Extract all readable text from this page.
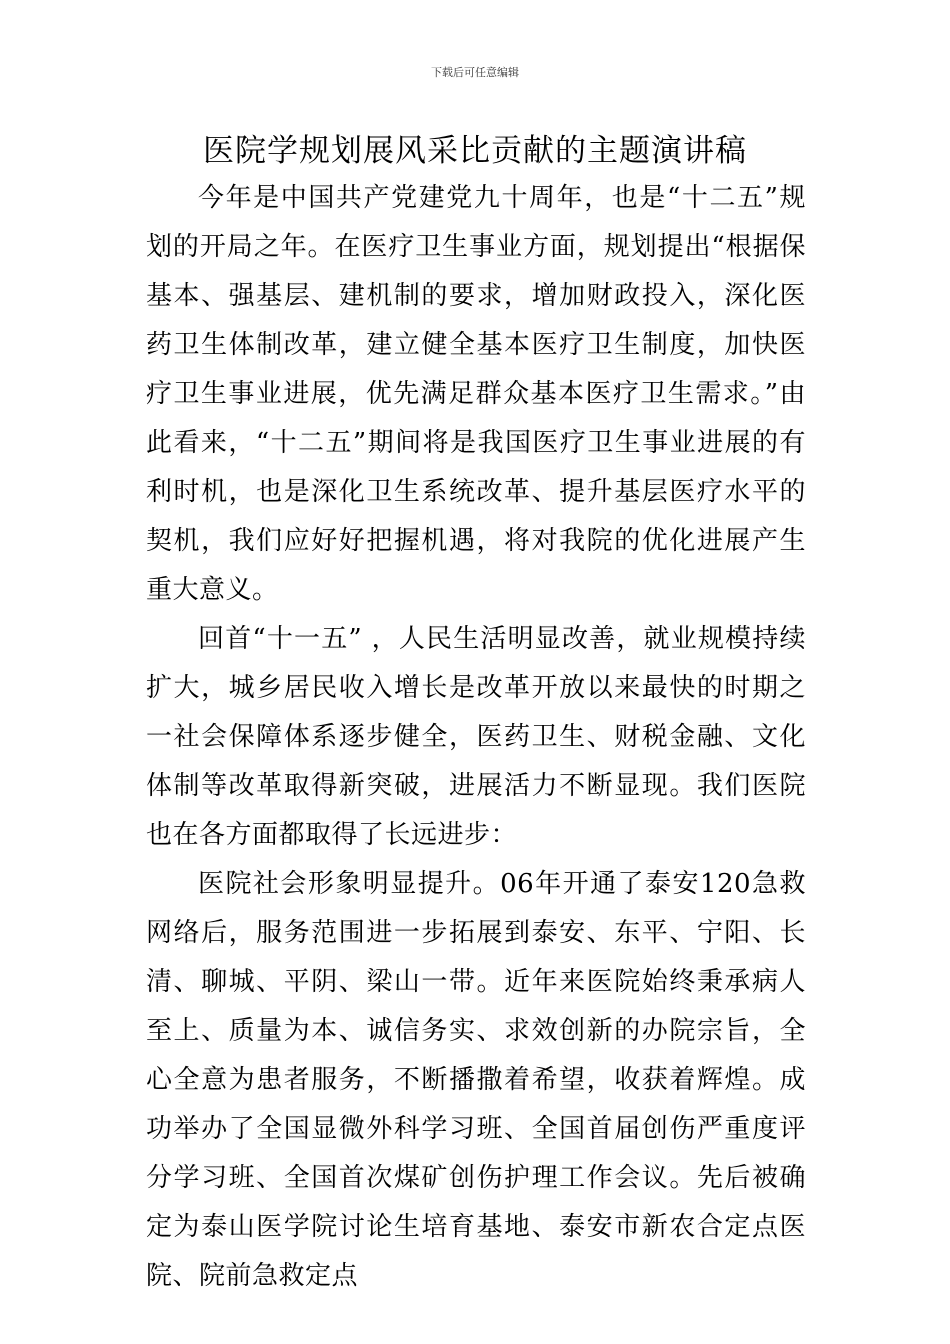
下载后可任意编辑
医院学规划展风采比贡献的主题演讲稿

今年是中国共产党建党九十周年，也是“十二五”规划的开局之年。在医疗卫生事业方面，规划提出“根据保基本、强基层、建机制的要求，增加财政投入，深化医药卫生体制改革，建立健全基本医疗卫生制度，加快医疗卫生事业进展，优先满足群众基本医疗卫生需求。”由此看来，“十二五”期间将是我国医疗卫生事业进展的有利时机，也是深化卫生系统改革、提升基层医疗水平的契机，我们应好好把握机遇，将对我院的优化进展产生重大意义。

回首“十一五” ，人民生活明显改善，就业规模持续扩大，城乡居民收入增长是改革开放以来最快的时期之一社会保障体系逐步健全，医药卫生、财税金融、文化体制等改革取得新突破，进展活力不断显现。我们医院也在各方面都取得了长远进步：

医院社会形象明显提升。06年开通了泰安120急救网络后，服务范围进一步拓展到泰安、东平、宁阳、长清、聊城、平阴、梁山一带。近年来医院始终秉承病人至上、质量为本、诚信务实、求效创新的办院宗旨，全心全意为患者服务，不断播撒着希望，收获着辉煌。成功举办了全国显微外科学习班、全国首届创伤严重度评分学习班、全国首次煤矿创伤护理工作会议。先后被确定为泰山医学院讨论生培育基地、泰安市新农合定点医院、院前急救定点
